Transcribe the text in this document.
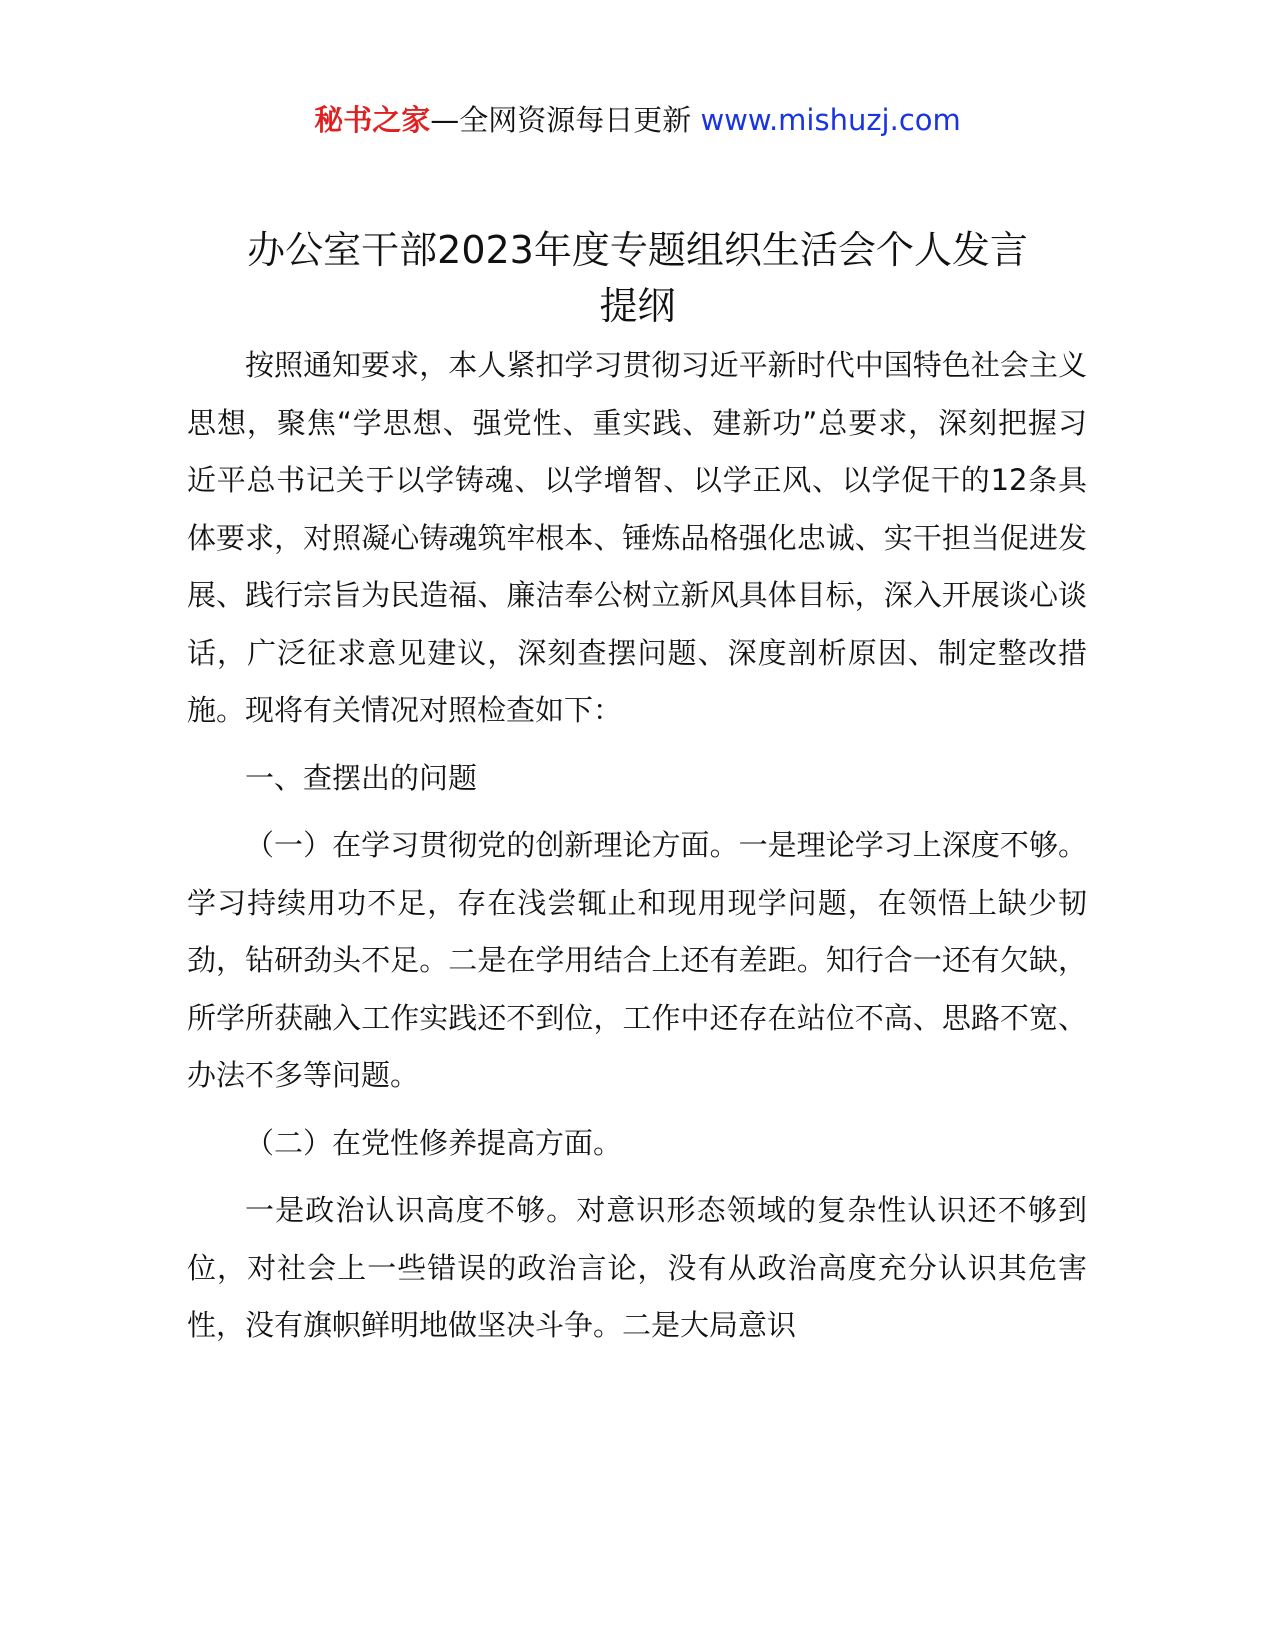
秘书之家—全网资源每日更新 www.mishuzj.com
办公室干部2023年度专题组织生活会个人发言
提纲

按照通知要求，本人紧扣学习贯彻习近平新时代中国特色社会主义思想，聚焦“学思想、强党性、重实践、建新功”总要求，深刻把握习近平总书记关于以学铸魂、以学增智、以学正风、以学促干的12条具体要求，对照凝心铸魂筑牢根本、锤炼品格强化忠诚、实干担当促进发展、践行宗旨为民造福、廉洁奉公树立新风具体目标，深入开展谈心谈话，广泛征求意见建议，深刻查摆问题、深度剖析原因、制定整改措施。现将有关情况对照检查如下：

一、查摆出的问题

（一）在学习贯彻党的创新理论方面。一是理论学习上深度不够。学习持续用功不足，存在浅尝辄止和现用现学问题，在领悟上缺少韧劲，钻研劲头不足。二是在学用结合上还有差距。知行合一还有欠缺，所学所获融入工作实践还不到位，工作中还存在站位不高、思路不宽、办法不多等问题。

（二）在党性修养提高方面。

一是政治认识高度不够。对意识形态领域的复杂性认识还不够到位，对社会上一些错误的政治言论，没有从政治高度充分认识其危害性，没有旗帜鲜明地做坚决斗争。二是大局意识
